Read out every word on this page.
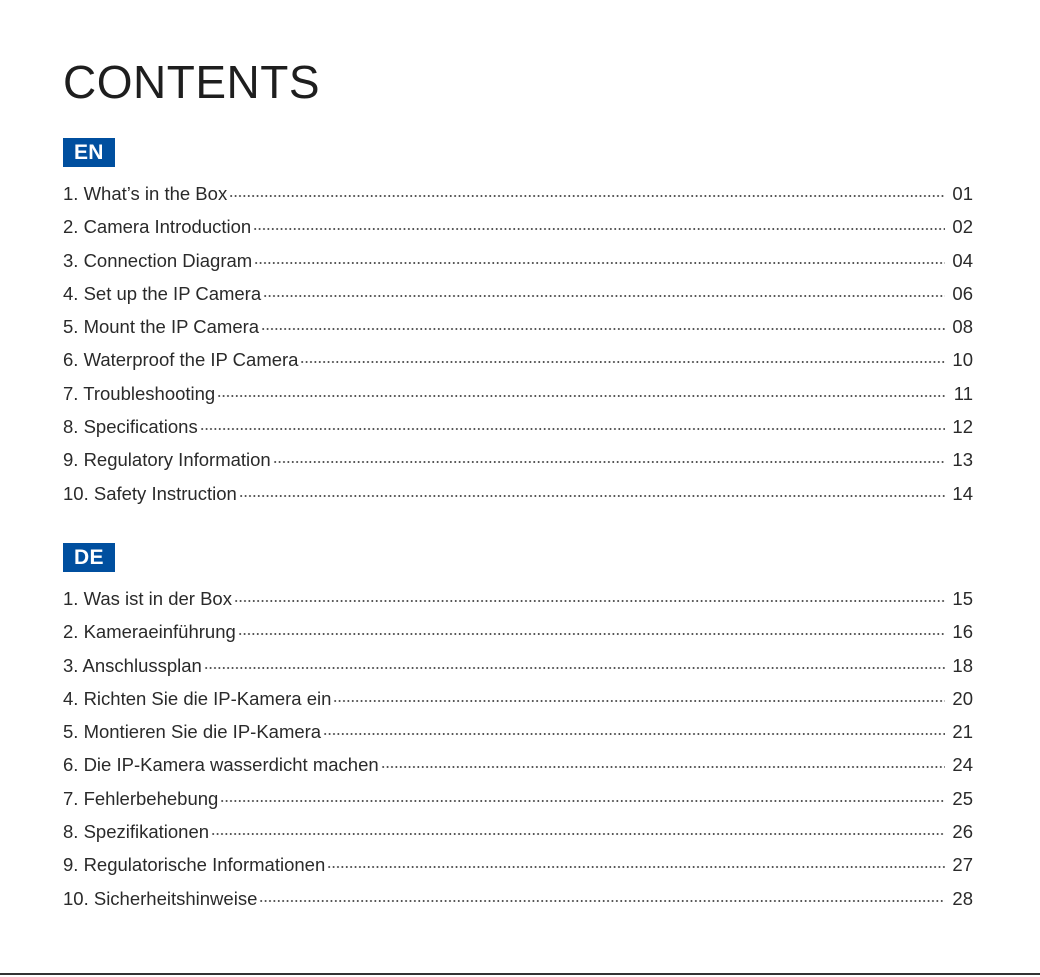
CONTENTS
EN
1. What’s in the Box	01
2. Camera Introduction	02
3. Connection Diagram	04
4. Set up the IP Camera	06
5. Mount the IP Camera	08
6. Waterproof the IP Camera	10
7. Troubleshooting	11
8. Specifications	12
9. Regulatory Information	13
10. Safety Instruction	14
DE
1. Was ist in der Box	15
2. Kameraeinführung	16
3. Anschlussplan	18
4. Richten Sie die IP-Kamera ein	20
5. Montieren Sie die IP-Kamera	21
6. Die IP-Kamera wasserdicht machen	24
7. Fehlerbehebung	25
8. Spezifikationen	26
9. Regulatorische Informationen	27
10. Sicherheitshinweise	28
